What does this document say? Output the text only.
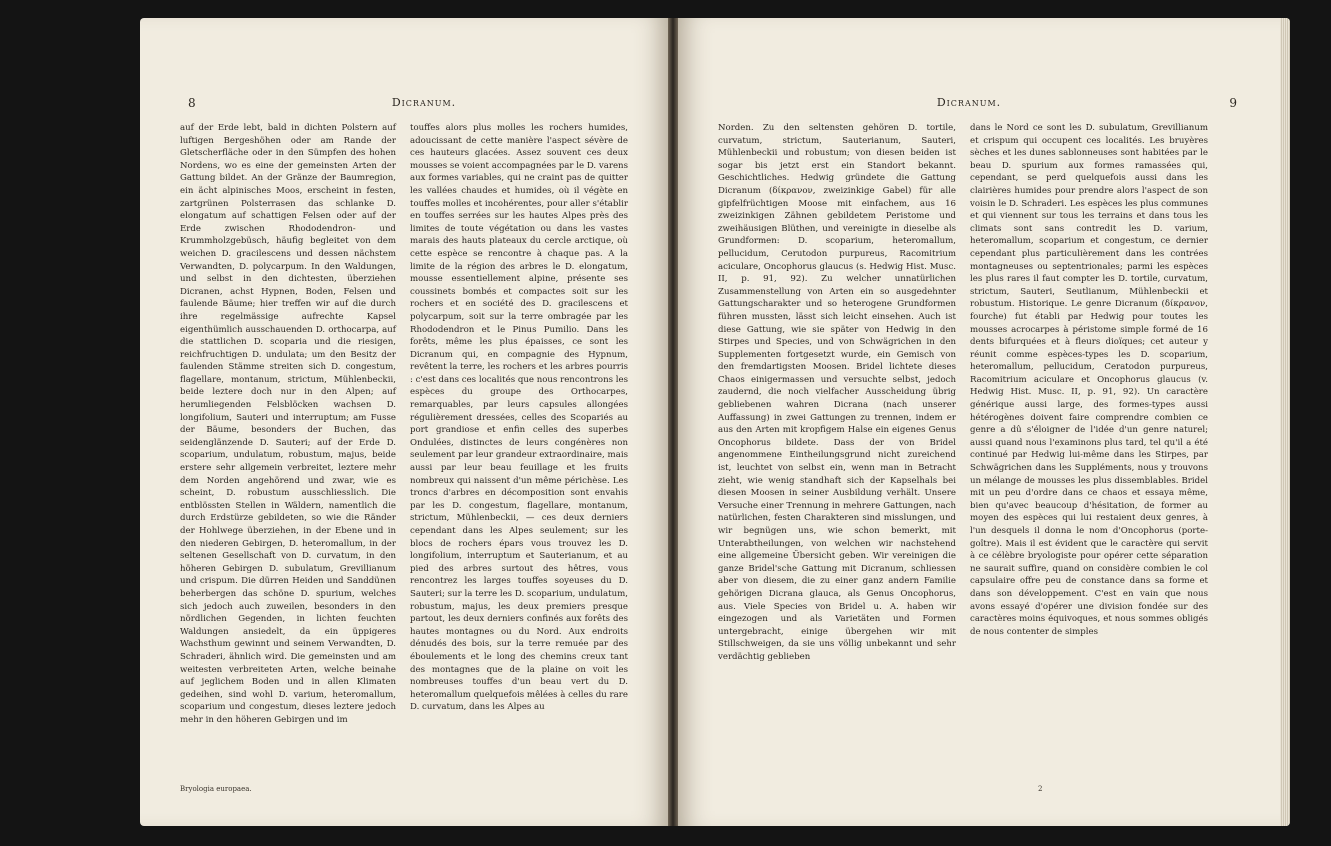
8	Dicranum.

auf der Erde lebt, bald in dichten Polstern auf luftigen Bergeshöhen oder am Rande der Gletscherfläche oder in den Sümpfen des hohen Nordens, wo es eine der gemeinsten Arten der Gattung bildet. An der Gränze der Baumregion, ein ächt alpinisches Moos, erscheint in festen, zartgrünen Polsterrasen das schlanke D. elongatum auf schattigen Felsen oder auf der Erde zwischen Rhododendron- und Krummholzgebüsch, häufig begleitet von dem weichen D. gracilescens und dessen nächstem Verwandten, D. polycarpum. In den Waldungen, und selbst in den dichtesten, überziehen Dicranen, achst Hypnen, Boden, Felsen und faulende Bäume; hier treffen wir auf die durch ihre regelmässige aufrechte Kapsel eigenthümlich ausschauenden D. orthocarpa, auf die stattlichen D. scoparia und die riesigen, reichfruchtigen D. undulata; um den Besitz der faulenden Stämme streiten sich D. congestum, flagellare, montanum, strictum, Mühlenbeckii, beide leztere doch nur in den Alpen; auf herumliegenden Felsblöcken wachsen D. longifolium, Sauteri und interruptum; am Fusse der Bäume, besonders der Buchen, das seidenglänzende D. Sauteri; auf der Erde D. scoparium, undulatum, robustum, majus, beide erstere sehr allgemein verbreitet, leztere mehr dem Norden angehörend und zwar, wie es scheint, D. robustum ausschliesslich. Die entblössten Stellen in Wäldern, namentlich die durch Erdstürze gebildeten, so wie die Ränder der Hohlwege überziehen, in der Ebene und in den niederen Gebirgen, D. heteromallum, in der seltenen Gesellschaft von D. curvatum, in den höheren Gebirgen D. subulatum, Grevillianum und crispum. Die dürren Heiden und Sanddünen beherbergen das schöne D. spurium, welches sich jedoch auch zuweilen, besonders in den nördlichen Gegenden, in lichten feuchten Waldungen ansiedelt, da ein üppigeres Wachsthum gewinnt und seinem Verwandten, D. Schraderi, ähnlich wird. Die gemeinsten und am weitesten verbreiteten Arten, welche beinahe auf jeglichem Boden und in allen Klimaten gedeihen, sind wohl D. varium, heteromallum, scoparium und congestum, dieses leztere jedoch mehr in den höheren Gebirgen und im

touffes alors plus molles les rochers humides, adoucissant de cette manière l'aspect sévère de ces hauteurs glacées. Assez souvent ces deux mousses se voient accompagnées par le D. varens aux formes variables, qui ne craint pas de quitter les vallées chaudes et humides, où il végète en touffes molles et incohérentes, pour aller s'établir en touffes serrées sur les hautes Alpes près des limites de toute végétation ou dans les vastes marais des hauts plateaux du cercle arctique, où cette espèce se rencontre à chaque pas. A la limite de la région des arbres le D. elongatum, mousse essentiellement alpine, présente ses coussinets bombés et compactes soit sur les rochers et en société des D. gracilescens et polycarpum, soit sur la terre ombragée par les Rhododendron et le Pinus Pumilio. Dans les forêts, même les plus épaisses, ce sont les Dicranum qui, en compagnie des Hypnum, revêtent la terre, les rochers et les arbres pourris : c'est dans ces localités que nous rencontrons les espèces du groupe des Orthocarpes, remarquables, par leurs capsules allongées régulièrement dressées, celles des Scopariés au port grandiose et enfin celles des superbes Ondulées, distinctes de leurs congénères non seulement par leur grandeur extraordinaire, mais aussi par leur beau feuillage et les fruits nombreux qui naissent d'un même périchèse. Les troncs d'arbres en décomposition sont envahis par les D. congestum, flagellare, montanum, strictum, Mühlenbeckii, — ces deux derniers cependant dans les Alpes seulement; sur les blocs de rochers épars vous trouvez les D. longifolium, interruptum et Sauterianum, et au pied des arbres surtout des hêtres, vous rencontrez les larges touffes soyeuses du D. Sauteri; sur la terre les D. scoparium, undulatum, robustum, majus, les deux premiers presque partout, les deux derniers confinés aux forêts des hautes montagnes ou du Nord. Aux endroits dénudés des bois, sur la terre remuée par des éboulements et le long des chemins creux tant des montagnes que de la plaine on voit les nombreuses touffes d'un beau vert du D. heteromallum quelquefois mêlées à celles du rare D. curvatum, dans les Alpes au

Bryologia europaea.
Dicranum.	9

Norden. Zu den seltensten gehören D. tortile, curvatum, strictum, Sauterianum, Sauteri, Mühlenbeckii und robustum; von diesen beiden ist sogar bis jetzt erst ein Standort bekannt. Geschichtliches. Hedwig gründete die Gattung Dicranum (δίκρανον, zweizinkige Gabel) für alle gipfelfrüchtigen Moose mit einfachem, aus 16 zweizinkigen Zähnen gebildetem Peristome und zweihäusigen Blüthen, und vereinigte in dieselbe als Grundformen: D. scoparium, heteromallum, pellucidum, Cerutodon purpureus, Racomitrium aciculare, Oncophorus glaucus (s. Hedwig Hist. Musc. II, p. 91, 92). Zu welcher unnatürlichen Zusammenstellung von Arten ein so ausgedehnter Gattungscharakter und so heterogene Grundformen führen mussten, lässt sich leicht einsehen. Auch ist diese Gattung, wie sie später von Hedwig in den Stirpes und Species, und von Schwägrichen in den Supplementen fortgesetzt wurde, ein Gemisch von den fremdartigsten Moosen. Bridel lichtete dieses Chaos einigermassen und versuchte selbst, jedoch zaudernd, die noch vielfacher Ausscheidung übrig gebliebenen wahren Dicrana (nach unserer Auffassung) in zwei Gattungen zu trennen, indem er aus den Arten mit kropfigem Halse ein eigenes Genus Oncophorus bildete. Dass der von Bridel angenommene Eintheilungsgrund nicht zureichend ist, leuchtet von selbst ein, wenn man in Betracht zieht, wie wenig standhaft sich der Kapselhals bei diesen Moosen in seiner Ausbildung verhält. Unsere Versuche einer Trennung in mehrere Gattungen, nach natürlichen, festen Charakteren sind misslungen, und wir begnügen uns, wie schon bemerkt, mit Unterabtheilungen, von welchen wir nachstehend eine allgemeine Übersicht geben. Wir vereinigen die ganze Bridel'sche Gattung mit Dicranum, schliessen aber von diesem, die zu einer ganz andern Familie gehörigen Dicrana glauca, als Genus Oncophorus, aus. Viele Species von Bridel u. A. haben wir eingezogen und als Varietäten und Formen untergebracht, einige übergehen wir mit Stillschweigen, da sie uns völlig unbekannt und sehr verdächtig geblieben

dans le Nord ce sont les D. subulatum, Grevillianum et crispum qui occupent ces localités. Les bruyères sèches et les dunes sablonneuses sont habitées par le beau D. spurium aux formes ramassées qui, cependant, se perd quelquefois aussi dans les clairières humides pour prendre alors l'aspect de son voisin le D. Schraderi. Les espèces les plus communes et qui viennent sur tous les terrains et dans tous les climats sont sans contredit les D. varium, heteromallum, scoparium et congestum, ce dernier cependant plus particulièrement dans les contrées montagneuses ou septentrionales; parmi les espèces les plus rares il faut compter les D. tortile, curvatum, strictum, Sauteri, Seutlianum, Mühlenbeckii et robustum. Historique. Le genre Dicranum (δίκρανον, fourche) fut établi par Hedwig pour toutes les mousses acrocarpes à péristome simple formé de 16 dents bifurquées et à fleurs dioïques; cet auteur y réunit comme espèces-types les D. scoparium, heteromallum, pellucidum, Ceratodon purpureus, Racomitrium aciculare et Oncophorus glaucus (v. Hedwig Hist. Musc. II, p. 91, 92). Un caractère générique aussi large, des formes-types aussi hétérogènes doivent faire comprendre combien ce genre a dû s'éloigner de l'idée d'un genre naturel; aussi quand nous l'examinons plus tard, tel qu'il a été continué par Hedwig lui-même dans les Stirpes, par Schwägrichen dans les Suppléments, nous y trouvons un mélange de mousses les plus dissemblables. Bridel mit un peu d'ordre dans ce chaos et essaya même, bien qu'avec beaucoup d'hésitation, de former au moyen des espèces qui lui restaient deux genres, à l'un desquels il donna le nom d'Oncophorus (porte-goître). Mais il est évident que le caractère qui servit à ce célèbre bryologiste pour opérer cette séparation ne saurait suffire, quand on considère combien le col capsulaire offre peu de constance dans sa forme et dans son développement. C'est en vain que nous avons essayé d'opérer une division fondée sur des caractères moins équivoques, et nous sommes obligés de nous contenter de simples

2
